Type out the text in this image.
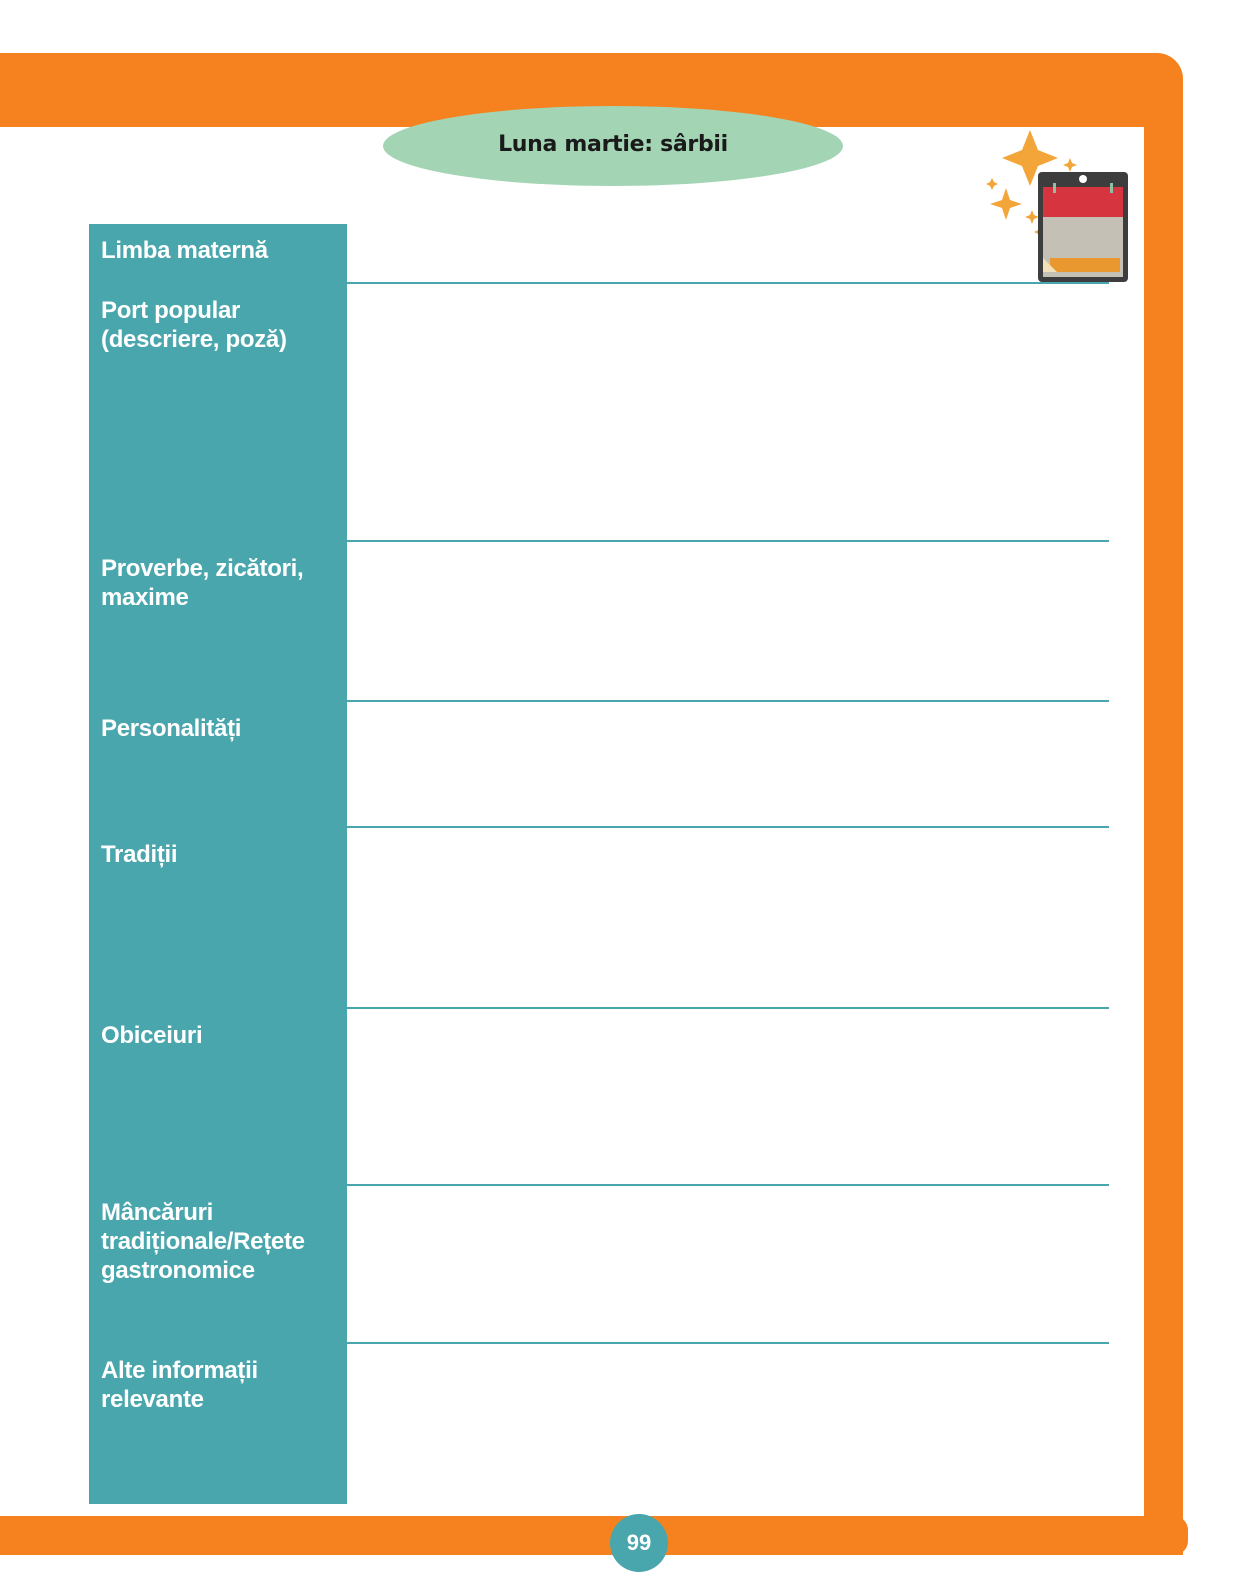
Luna martie: sârbii
Limba maternă
Port popular (descriere, poză)
Proverbe, zicători, maxime
Personalități
Tradiții
Obiceiuri
Mâncăruri tradiționale/Rețete gastronomice
Alte informații relevante
99
